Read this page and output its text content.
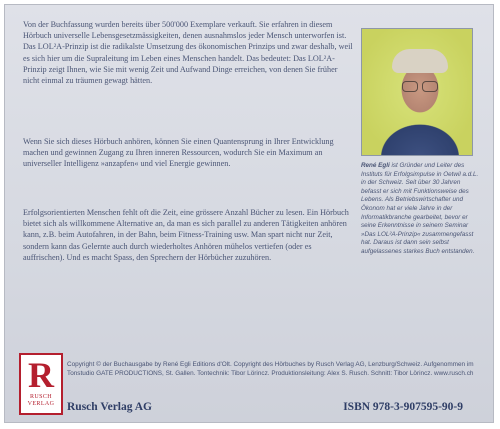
Von der Buchfassung wurden bereits über 500'000 Exemplare verkauft. Sie erfahren in diesem Hörbuch universelle Lebensgesetzmässigkeiten, denen ausnahmslos jeder Mensch unterworfen ist. Das LOL²A-Prinzip ist die radikalste Umsetzung des ökonomischen Prinzips und zwar deshalb, weil es sich hier um die Supraleitung im Leben eines Menschen handelt. Das bedeutet: Das LOL²A-Prinzip zeigt Ihnen, wie Sie mit wenig Zeit und Aufwand Dinge erreichen, von denen Sie früher nicht einmal zu träumen gewagt hätten.
Wenn Sie sich dieses Hörbuch anhören, können Sie einen Quantensprung in Ihrer Entwicklung machen und gewinnen Zugang zu Ihren inneren Ressourcen, wodurch Sie ein Maximum an universeller Intelligenz »anzapfen« und viel Energie gewinnen.
Erfolgsorientierten Menschen fehlt oft die Zeit, eine grössere Anzahl Bücher zu lesen. Ein Hörbuch bietet sich als willkommene Alternative an, da man es sich parallel zu anderen Tätigkeiten anhören kann, z.B. beim Autofahren, in der Bahn, beim Fitness-Training usw. Man spart nicht nur Zeit, sondern kann das Gelernte auch durch wiederholtes Anhören mühelos vertiefen (oder es auffrischen). Und es macht Spass, den Sprechern der Hörbücher zuzuhören.
René Egli ist Gründer und Leiter des Instituts für Erfolgsimpulse in Oetwil a.d.L. in der Schweiz. Seit über 30 Jahren befasst er sich mit Funktionsweise des Lebens. Als Betriebswirtschafter und Ökonom hat er viele Jahre in der Informatikbranche gearbeitet, bevor er seine Erkenntnisse in seinem Seminar »Das LOL²A-Prinzip« zusammengefasst hat. Daraus ist dann sein selbst aufgelassenes starkes Buch entstanden.
R
RUSCH
VERLAG
Copyright © der Buchausgabe by René Egli Editions d'Olt. Copyright des Hörbuches by Rusch Verlag AG, Lenzburg/Schweiz. Aufgenommen im Tonstudio GATE PRODUCTIONS, St. Gallen. Tontechnik: Tibor Lörincz. Produktionsleitung: Alex S. Rusch. Schnitt: Tibor Lörincz. www.rusch.ch
Rusch Verlag AG	ISBN 978-3-907595-90-9
